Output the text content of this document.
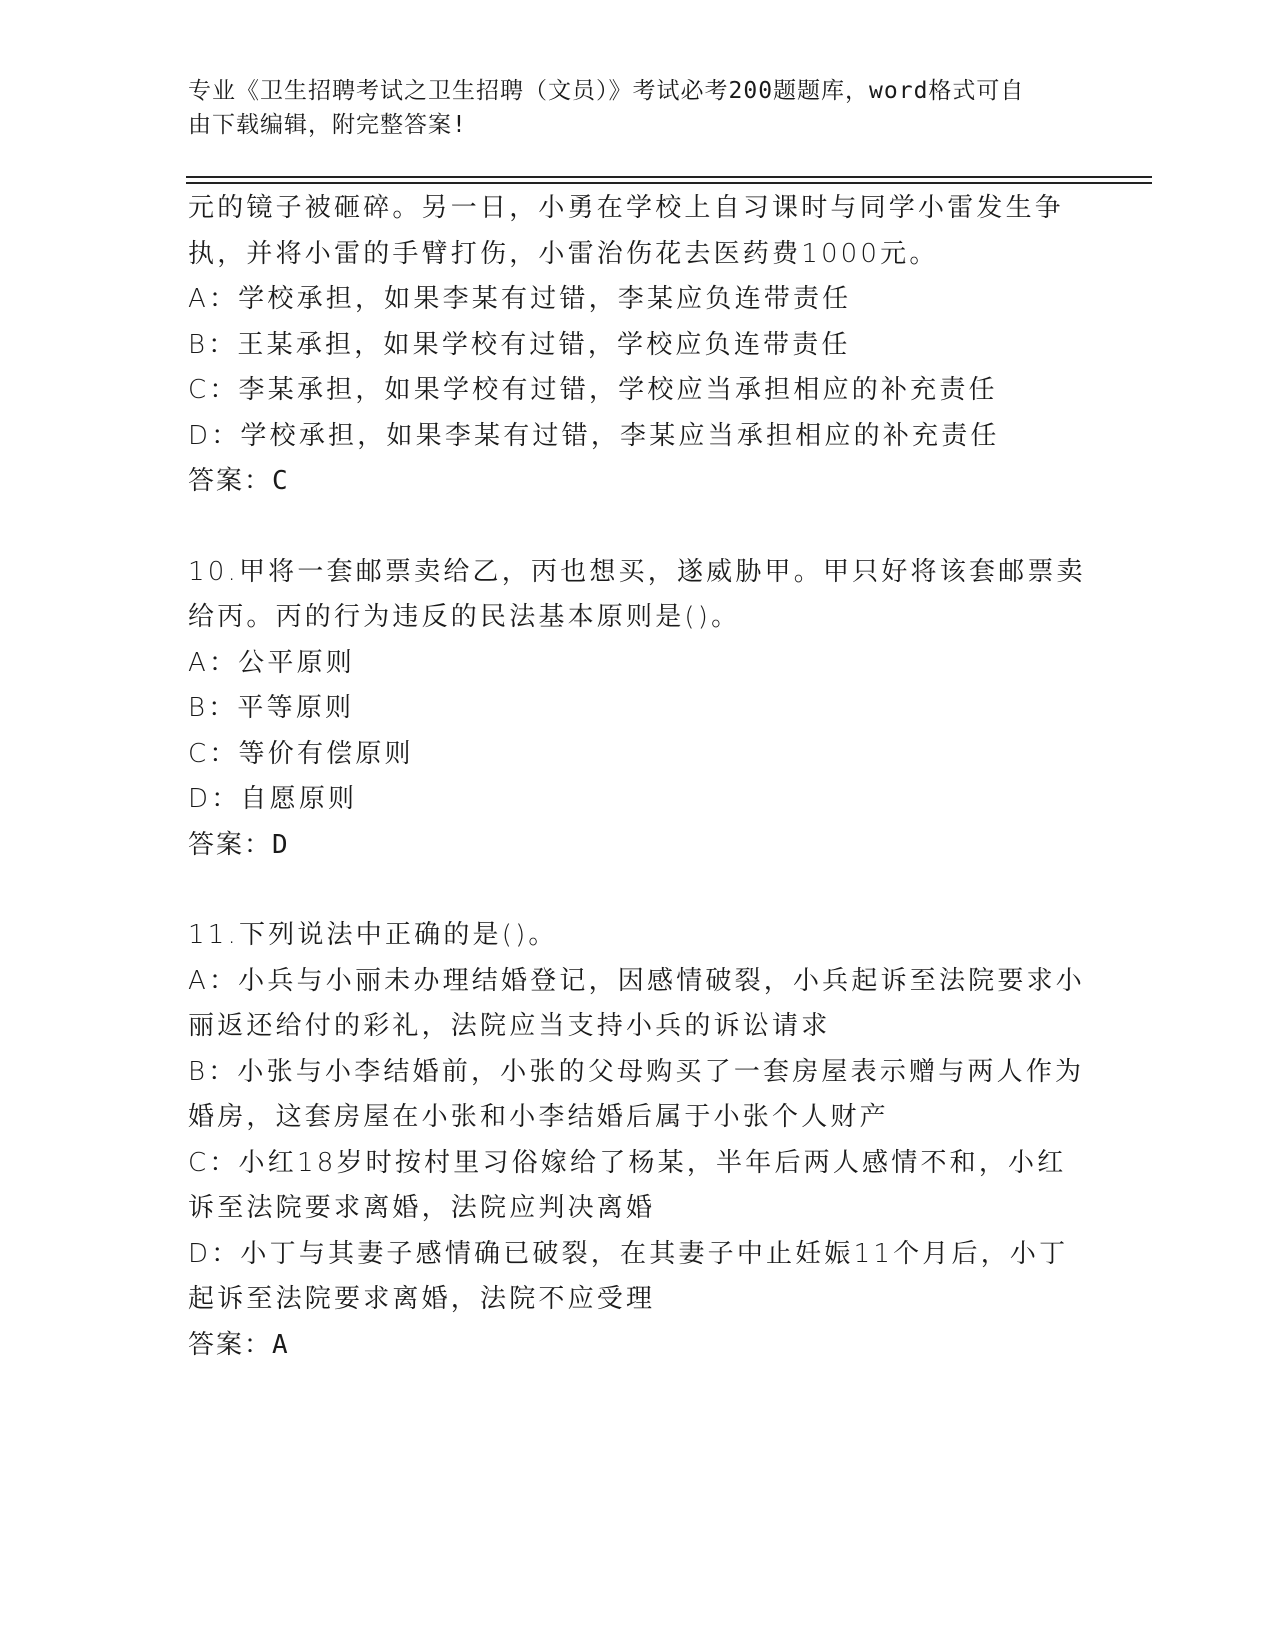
专业《卫生招聘考试之卫生招聘（文员）》考试必考200题题库，word格式可自
由下载编辑，附完整答案!

元的镜子被砸碎。另一日，小勇在学校上自习课时与同学小雷发生争

执，并将小雷的手臂打伤，小雷治伤花去医药费1000元。

A：学校承担，如果李某有过错，李某应负连带责任

B：王某承担，如果学校有过错，学校应负连带责任

C：李某承担，如果学校有过错，学校应当承担相应的补充责任

D：学校承担，如果李某有过错，李某应当承担相应的补充责任

答案：C

10.甲将一套邮票卖给乙，丙也想买，遂威胁甲。甲只好将该套邮票卖

给丙。丙的行为违反的民法基本原则是()。

A：公平原则

B：平等原则

C：等价有偿原则

D：自愿原则

答案：D

11.下列说法中正确的是()。

A：小兵与小丽未办理结婚登记，因感情破裂，小兵起诉至法院要求小

丽返还给付的彩礼，法院应当支持小兵的诉讼请求

B：小张与小李结婚前，小张的父母购买了一套房屋表示赠与两人作为

婚房，这套房屋在小张和小李结婚后属于小张个人财产

C：小红18岁时按村里习俗嫁给了杨某，半年后两人感情不和，小红

诉至法院要求离婚，法院应判决离婚

D：小丁与其妻子感情确已破裂，在其妻子中止妊娠11个月后，小丁

起诉至法院要求离婚，法院不应受理

答案：A
